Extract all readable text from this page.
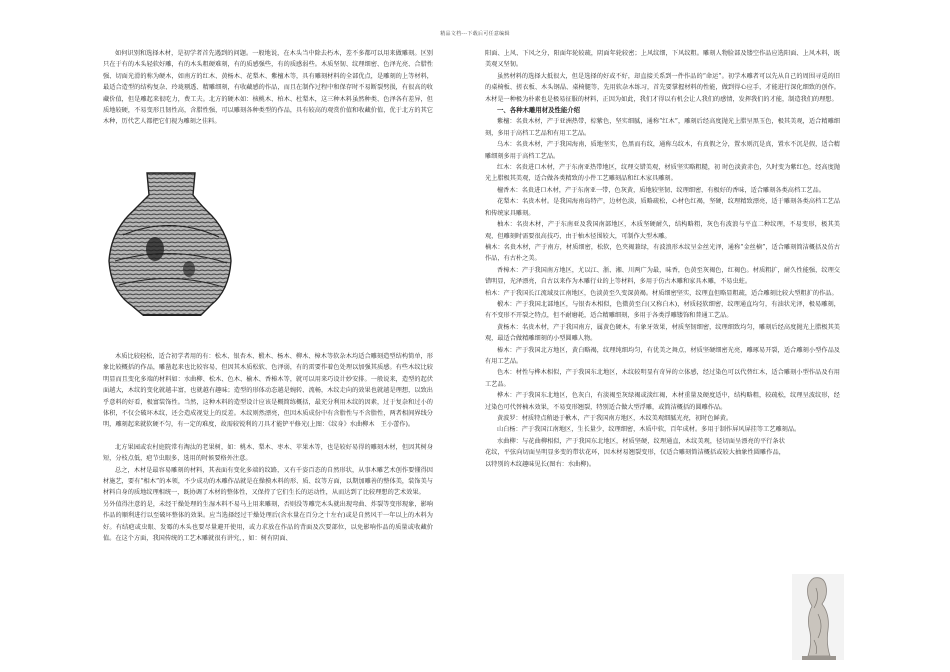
精品文档---下载后可任意编辑

如何识别和选择木材，是初学者首先遇到的问题。一般地说，在木头当中除去朽木，差不多都可以用来做雕刻。区别只在于有的木头轻软好雕，有的木头粗硬难刻，有的质感强些，有的质感弱些。木质坚韧、纹理细密、色泽光亮、合腊性强、切面光滑的称为硬木，如南方的红木、黄杨木、花梨木、紫檀木等，具有雕刻材料的全部优点，是雕刻的上等材料，最适合造型的结构复杂、玲珑剔透、精雕细刻，有收藏感的作品，而且在制作过程中和保存时不易断裂劈损，有很高的收藏价值，但是雕起来很吃力，费工夫。北方的硬木如：核桃木、柏木、杜梨木，这三种木料虽然种类、色泽各有差异，但质地较硬，不易变形且韧性高，含腊性强，可以雕刻各种类型的作品，具有较高的观赏价值和收藏价值，优于北方的其它木种，历代艺人都把它们视为雕刻之佳料。

木质比较轻松，适合初学者用的有：松木、银杏木、椴木、杨木、柳木、樟木等软杂木均适合雕刻造型结构简单，形象比较概括的作品，雕凿起来也比较容易，但因其木质松软、色泽弱，有的雷要作着色处理以加强其质感。有些木纹比较明显而且变化多端的材料如：水曲柳、松木、色木、榆木、香椿木等，就可以用来巧设计妙安排。一般说来，造型的起伏面越大，木纹的变化就越丰富，也就越有趣味；造型的形体动态越是婉转、流畅，木纹走向的效果也就越是理想，以致出乎意料的好看，极富装饰性。当然，这种木料的造型设计应该是概简练概括，最充分利用木纹的因素，过于复杂和过小的体积，不仅会破坏木纹，还会造成视觉上的反差。木纹则然漂亮，但因木质成份中有含脂性与不含脂性，两者相间界线分明，雕刻起来就软硬不匀，有一定的难度，故需较锐利的刀具才能铲平修光(上图：《纹身》水曲柳木　王小蕾作)。

北方果园或农村庭院常有淘汰的老果树，如：桃木、梨木、枣木、苹果木等，也是较好易得的雕刻木材，但因其树身短，分枝点低，疤节虫眼多，选用的时候要格外注意。

总之，木材是最容易雕刻的材料，其表面有变化多端的纹路，又有千姿百态的自然形状，从事木雕艺术创作要懂得因材施艺，要有“相木”的本领，不少成功的木雕作品就是在操摸木料的形、质、纹等方面，以期加雕善的整体美，装饰美与材料自身的质地纹理相统一，既协调了木材的整体性，又保持了它们生长的运动性，从而达到了比较理想的艺术效果。

另外值得注意的是，未经干燥处理的生湿木料不易马上用来雕刻，否则没等雕完木头就出现弯曲、炸裂等变形现象，影响作品的顺利进行以至破坏整体的效果。应当选择经过干燥处理后(含水量在百分之十左右)或是自然风干一年以上的木料为好。有结疤或虫眼、发霉的木头也要尽量避开使用，或力求放在作品的背面及次要部位，以免影响作品的质量或收藏价值。在这个方面，我国传统的工艺木雕就很有讲究，，如：树有阴面、

阳面、上风、下风之分，阳面年轮较疏，阴面年轮较密；上风纹细，下风纹粗。雕刻人物脸部及镂空作品应选阳面、上风木料，既美观又坚韧。

虽然材料的选择大抵很大，但是选择的好或不好，却直接关系到一件作品的“命运”。初学木雕者可以先从自己的周围寻觅的旧的桌椅板、搓衣板、木头钢晶、桌椅腿等，先用软杂木练习，首先要掌握材料的性能，做到得心应手，才能进行深化细致的创作。木材是一种极为朴素也是极易征服的材料，正因为如此，我们才得以有机会让人我们的感情，发挥我们的才能，制造我们的理想。

一、各种木雕用材及性能介绍

紫檀：名贵木材，产于亚洲热带，棕紫色，坚实细腻，通称“红木”，雕刻后经高度抛光上腊呈黑玉色，极其美观，适合精雕细刻，多用于高档工艺品和有用工艺品。

乌木：名贵木材，产于我国海南，质地坚实，色黑而有纹，通称乌纹木，有真假之分，置水则沉是真，置水不沉是假，适合精雕细刻多用于高档工艺品。

红木：名贵进口木材，产于东南亚热带地区，纹理交错美观，材质坚实略粗糙，初 时色淡黄赤色，久时变为紫红色，经高度抛光上腊极其美观，适合做各类精致的小件工艺雕刻品和红木家具雕刻。

檀香木：名贵进口木材，产于东南亚一带，色灰黄，质地较坚韧、纹理细密，有极好的香味，适合雕刻各类高档工艺品。

花梨木：名贵木材。是我国海南岛特产，边材色淡，质略疏松，心材色红褐，坚硬，纹理精致漂亮，适于雕刻各类高档工艺品和传统家具雕刻。

柚木：名贵木材，产于东南亚及我国南部地区，木质坚硬耐久，结构略粗，灰色有波浪与平直二种纹理，不易变形，极其美观，但雕刻时需要很高技巧，由于柚木径围较大，可制作大型木雕。

楠木：名贵木材，产于南方，材质细密，松软，色夹褐兼绿，有波浪形木纹呈金丝光泽，通称“金丝楠”，适合雕刻简洁概括及仿古作品，有古朴之美。

香樟木：产于我国南方地区，尤以江、浙、湘、川两广为最，味香，色黄至灰褐色，红褐色。材质粗扩，耐久性能强，纹理交错明显，光泽漂亮，自古以来作为木雕行业的上等材料，多用于仿古木雕和家具木雕，不易虫蛀。

柏木：产于我国长江流域及江南地区，色淡黄至久变深黄褐。材质细密坚实，纹理直但略显粗疏，适合雕刻比较大型粗扩的作品。

椴木：产于我国北部地区，与银杏木相似，色微黄至白(又称白木)，材质轻软细密，纹理通直均匀，有油状光泽，极易雕刻，有不变形不开裂之特点，但不耐磨耗，适合精雕细刻，多用于各类浮雕镂饰和普通工艺品。

黄杨木：名贵木材，产于我国南方，属黄色硬木，有象牙效果，材质坚韧细密，纹理细致均匀，雕刻后经高度抛光上腊极其美观，最适合做精雕细刻的小型圆雕人物。

椿木：产于我国北方地区，黄白略褐，纹理纯细均匀，有优美之舞点，材质坚硬细密光亮，雕琢易开裂，适合雕刻小型作品及有用工艺品。

色木：材性与桦木相似，产于我国东北地区，木纹较明显有奇异的立体感，经过染色可以代替红木，适合雕刻小型作品及有用工艺品。

桦木：产于我国东北地区，色灰白，有淡褐至灰绿褐或淡红褐，木材重量及硬度适中，结构略粗，较疏松，纹理呈波纹形，经过染色可代替楠木效果，不易变形翘裂，特别适合做大型浮雕，或简洁概括的圆雕作品。

黄波罗：材质特点稍逊于楸木，产于我国南方地区，木纹美观细腻光亮，初时色鲜黄。

山白杨：产于我国江南地区，生长量少，纹理细密，木质中软，百年成材。多用于制作屏风屏挂等工艺雕刻品。

水曲柳：与花曲柳相似，产于我国东北地区，材质坚硬，纹理通直，木纹美观，径切面呈漂亮的平行条状花纹，平弦向切面呈明显多变的带状花环，因木材易翘裂变形，仅适合雕刻简洁概括或较大抽象性圆雕作品，以特别的木纹趣味见长(图右：水曲柳)。
